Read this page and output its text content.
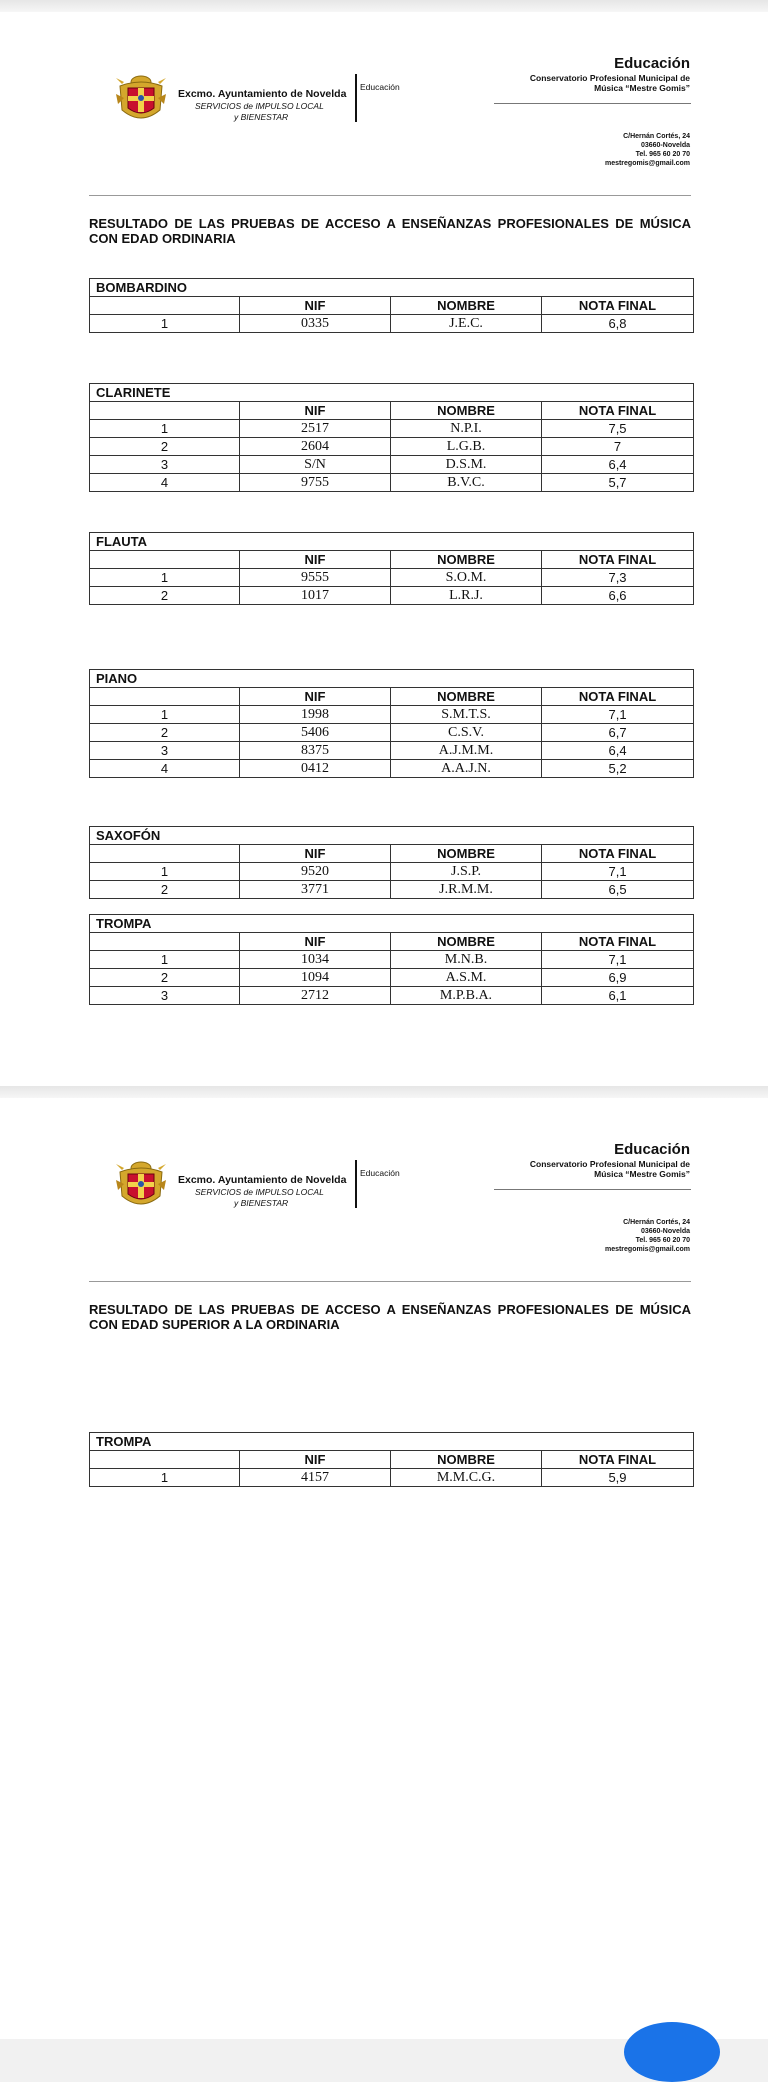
Excmo. Ayuntamiento de Novelda
SERVICIOS de IMPULSO LOCAL
y BIENESTAR
Educación
Educación
Conservatorio Profesional Municipal de
Música “Mestre Gomis”
C/Hernán Cortés, 24
03660-Novelda
Tel. 965 60 20 70
mestregomis@gmail.com
RESULTADO DE LAS PRUEBAS DE ACCESO A ENSEÑANZAS PROFESIONALES DE MÚSICA CON EDAD ORDINARIA
BOMBARDINO			
	NIF	NOMBRE	NOTA FINAL
1	0335	J.E.C.	6,8
CLARINETE			
	NIF	NOMBRE	NOTA FINAL
1	2517	N.P.I.	7,5
2	2604	L.G.B.	7
3	S/N	D.S.M.	6,4
4	9755	B.V.C.	5,7
FLAUTA			
	NIF	NOMBRE	NOTA FINAL
1	9555	S.O.M.	7,3
2	1017	L.R.J.	6,6
PIANO			
	NIF	NOMBRE	NOTA FINAL
1	1998	S.M.T.S.	7,1
2	5406	C.S.V.	6,7
3	8375	A.J.M.M.	6,4
4	0412	A.A.J.N.	5,2
SAXOFÓN			
	NIF	NOMBRE	NOTA FINAL
1	9520	J.S.P.	7,1
2	3771	J.R.M.M.	6,5
TROMPA			
	NIF	NOMBRE	NOTA FINAL
1	1034	M.N.B.	7,1
2	1094	A.S.M.	6,9
3	2712	M.P.B.A.	6,1
Excmo. Ayuntamiento de Novelda
SERVICIOS de IMPULSO LOCAL
y BIENESTAR
Educación
Educación
Conservatorio Profesional Municipal de
Música “Mestre Gomis”
C/Hernán Cortés, 24
03660-Novelda
Tel. 965 60 20 70
mestregomis@gmail.com
RESULTADO DE LAS PRUEBAS DE ACCESO A ENSEÑANZAS PROFESIONALES DE MÚSICA CON EDAD SUPERIOR A LA ORDINARIA
TROMPA			
	NIF	NOMBRE	NOTA FINAL
1	4157	M.M.C.G.	5,9
